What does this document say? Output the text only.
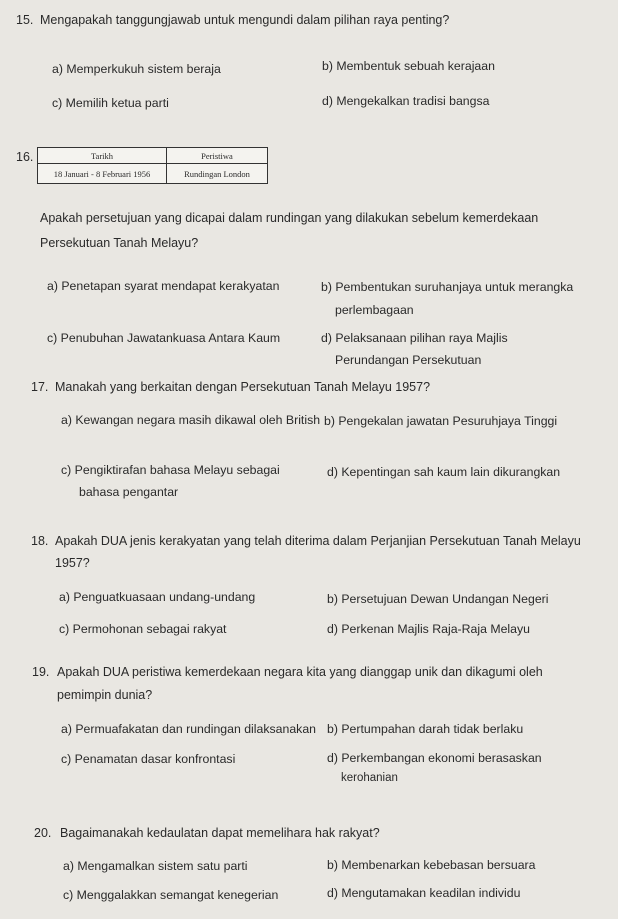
15. Mengapakah tanggungjawab untuk mengundi dalam pilihan raya penting?
a) Memperkukuh sistem beraja	b) Membentuk sebuah kerajaan
c) Memilih ketua parti	d) Mengekalkan tradisi bangsa
16.	Tarikh	Peristiwa
18 Januari - 8 Februari 1956	Rundingan London
Apakah persetujuan yang dicapai dalam rundingan yang dilakukan sebelum kemerdekaan
Persekutuan Tanah Melayu?
a) Penetapan syarat mendapat kerakyatan	b) Pembentukan suruhanjaya untuk merangka
perlembagaan
c) Penubuhan Jawatankuasa Antara Kaum	d) Pelaksanaan pilihan raya Majlis
Perundangan Persekutuan
17. Manakah yang berkaitan dengan Persekutuan Tanah Melayu 1957?
a) Kewangan negara masih dikawal oleh British b) Pengekalan jawatan Pesuruhjaya Tinggi
c) Pengiktirafan bahasa Melayu sebagai
bahasa pengantar
d) Kepentingan sah kaum lain dikurangkan
18. Apakah DUA jenis kerakyatan yang telah diterima dalam Perjanjian Persekutuan Tanah Melayu
1957?
a) Penguatkuasaan undang-undang	b) Persetujuan Dewan Undangan Negeri
c) Permohonan sebagai rakyat	d) Perkenan Majlis Raja-Raja Melayu
19. Apakah DUA peristiwa kemerdekaan negara kita yang dianggap unik dan dikagumi oleh
pemimpin dunia?
a) Permuafakatan dan rundingan dilaksanakan b) Pertumpahan darah tidak berlaku
c) Penamatan dasar konfrontasi	d) Perkembangan ekonomi berasaskan
kerohanian
20. Bagaimanakah kedaulatan dapat memelihara hak rakyat?
a) Mengamalkan sistem satu parti	b) Membenarkan kebebasan bersuara
c) Menggalakkan semangat kenegerian	d) Mengutamakan keadilan individu
